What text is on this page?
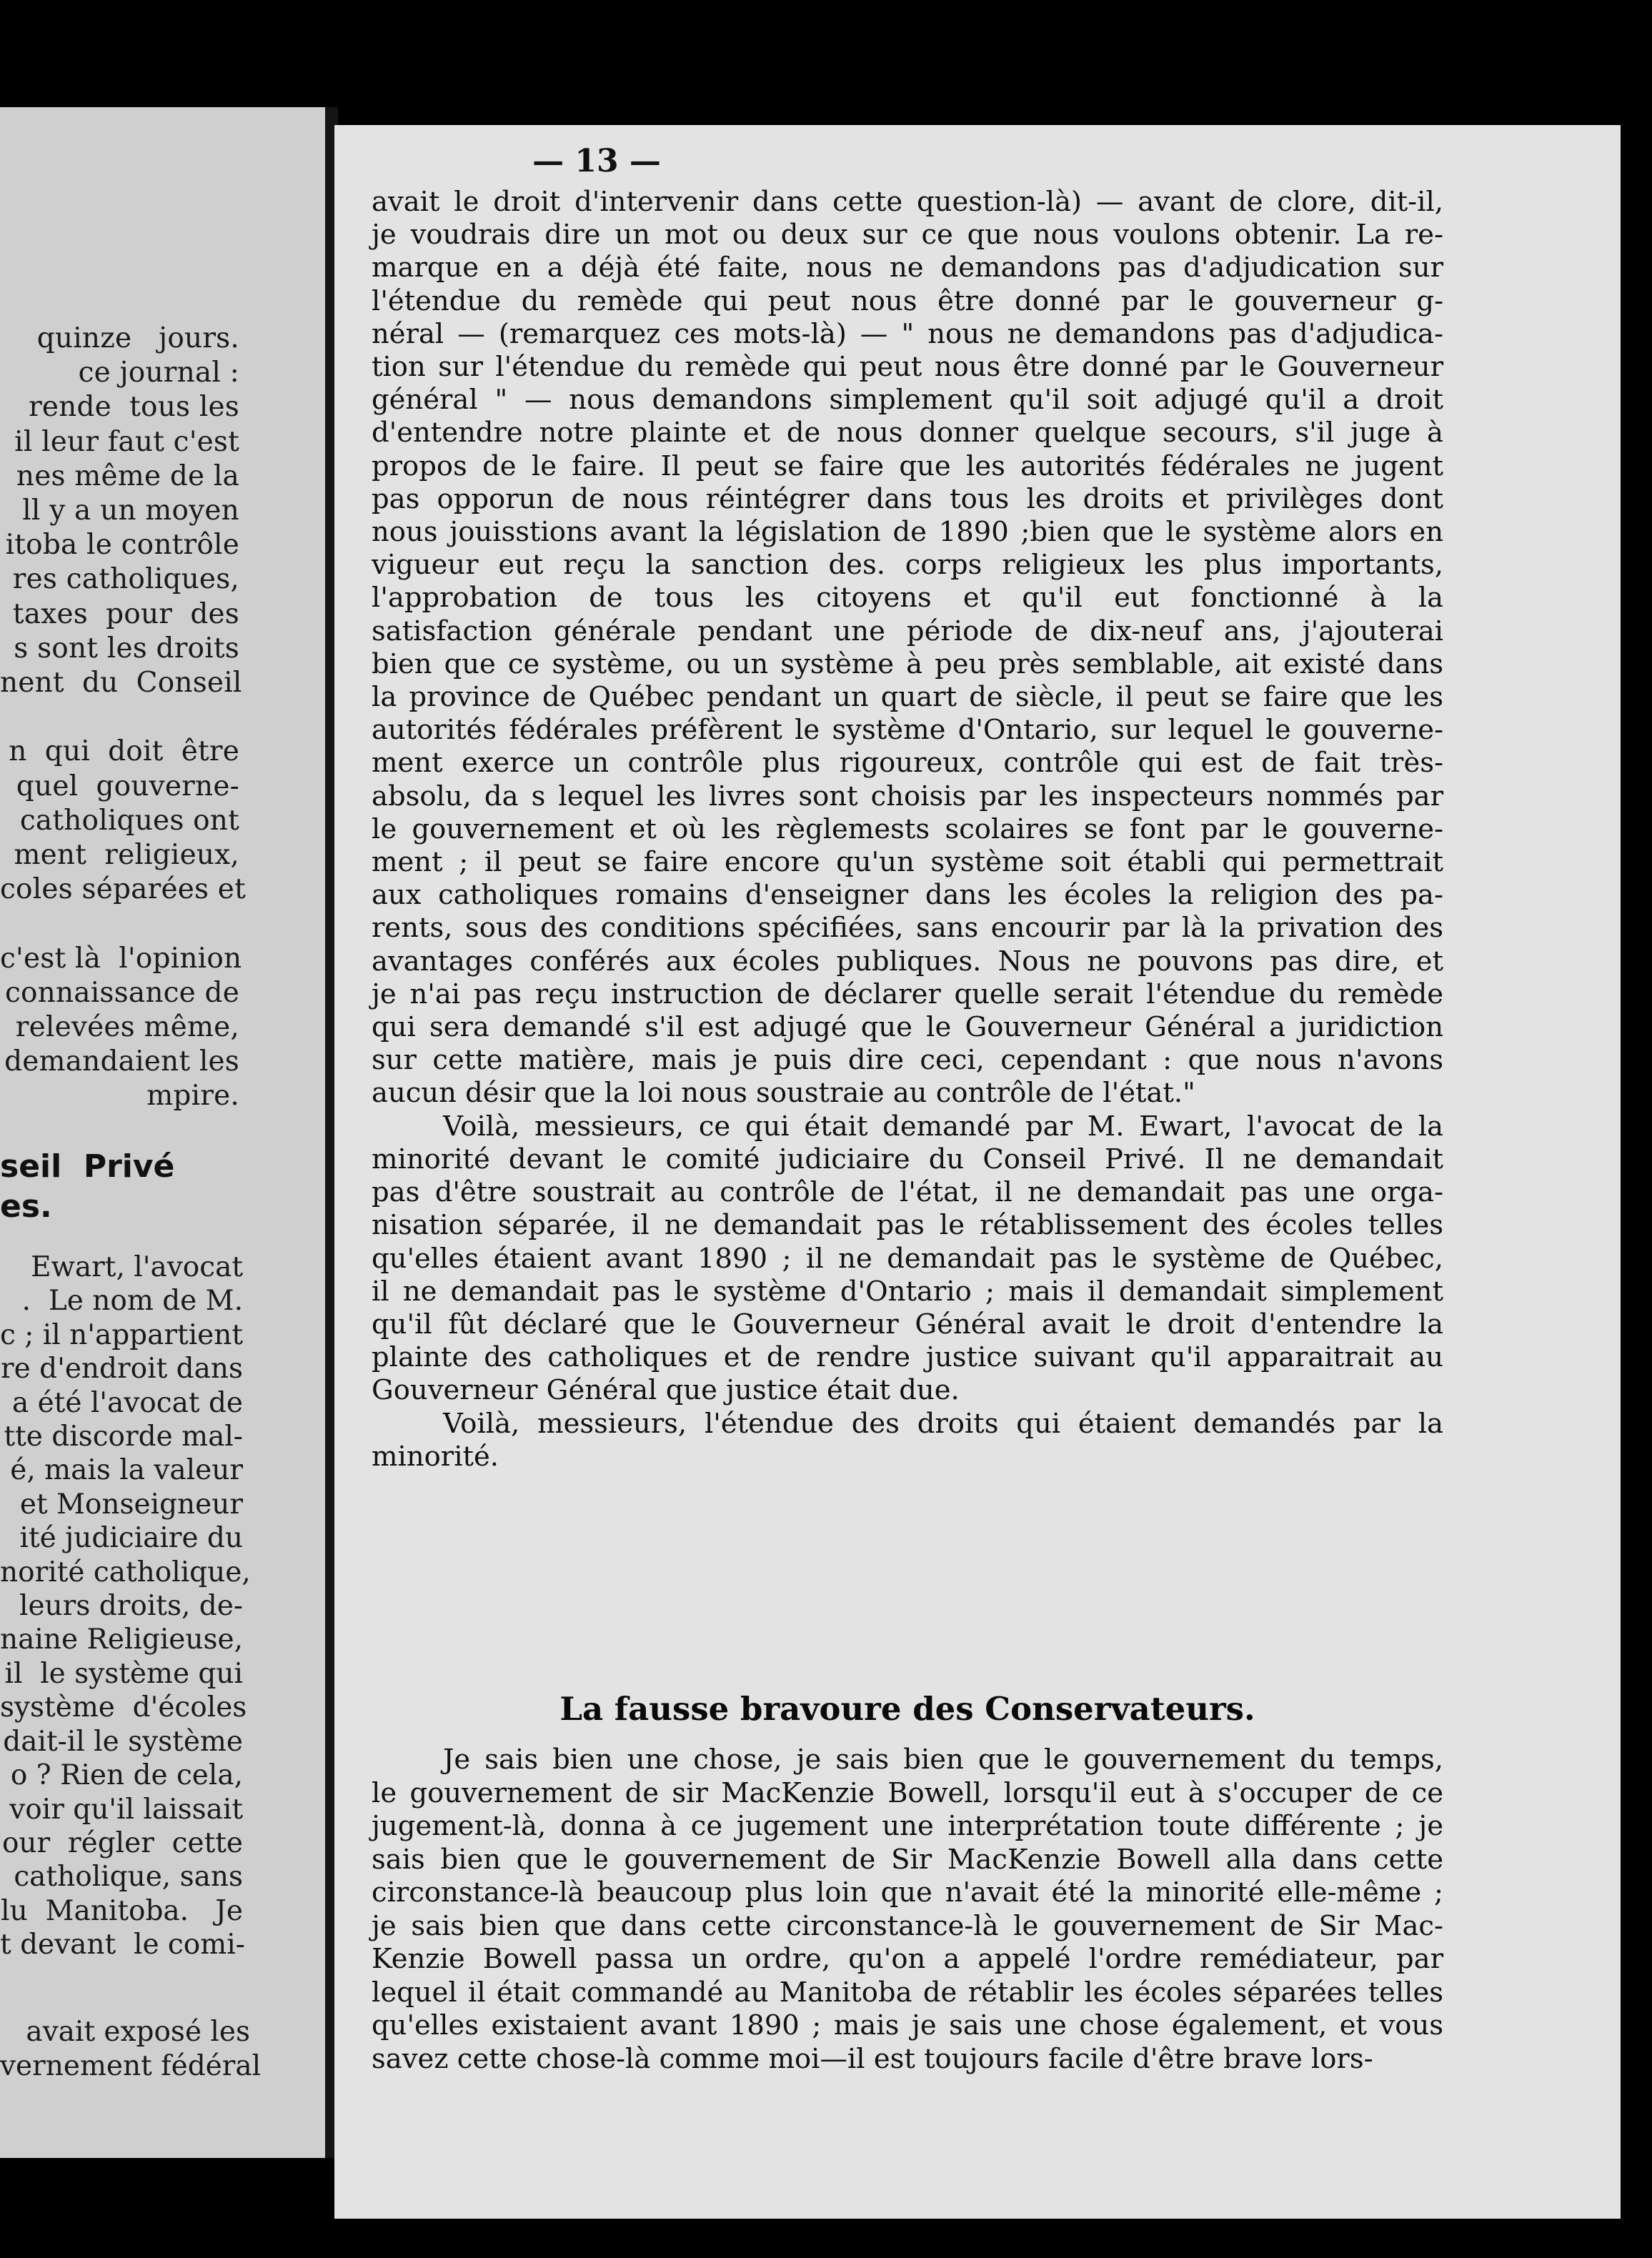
quinze   jours.
ce journal :
rende  tous les
il leur faut c'est
nes même de la
ll y a un moyen
itoba le contrôle
res catholiques,
taxes  pour  des
s sont les droits
nent  du  Conseil

n  qui  doit  être
quel  gouverne-
catholiques ont
ment  religieux,
coles séparées et

c'est là  l'opinion
connaissance de
relevées même,
demandaient les
mpire.
seil  Privé
es.
Ewart, l'avocat
.  Le nom de M.
c ; il n'appartient
re d'endroit dans
a été l'avocat de
tte discorde mal-
é, mais la valeur
et Monseigneur
ité judiciaire du
norité catholique,
leurs droits, de-
naine Religieuse,
il  le système qui
système  d'écoles
dait-il le système
o ? Rien de cela,
voir qu'il laissait
our  régler  cette
catholique, sans
lu  Manitoba.   Je
t devant  le comi-
avait exposé les
vernement fédéral
— 13 —

avait le droit d'intervenir dans cette question-là) — avant de clore, dit-il,
je voudrais dire un mot ou deux sur ce que nous voulons obtenir. La re-
marque en a déjà été faite, nous ne demandons pas d'adjudication sur
l'étendue du remède qui peut nous être donné par le gouverneur g-
néral — (remarquez ces mots-là) — " nous ne demandons pas d'adjudica-
tion sur l'étendue du remède qui peut nous être donné par le Gouverneur
général " — nous demandons simplement qu'il soit adjugé qu'il a droit
d'entendre notre plainte et de nous donner quelque secours, s'il juge à
propos de le faire. Il peut se faire que les autorités fédérales ne jugent
pas opporun de nous réintégrer dans tous les droits et privilèges dont
nous jouisstions avant la législation de 1890 ;bien que le système alors en
vigueur eut reçu la sanction des. corps religieux les plus importants,
l'approbation de tous les citoyens et qu'il eut fonctionné à la
satisfaction générale pendant une période de dix-neuf ans, j'ajouterai
bien que ce système, ou un système à peu près semblable, ait existé dans
la province de Québec pendant un quart de siècle, il peut se faire que les
autorités fédérales préfèrent le système d'Ontario, sur lequel le gouverne-
ment exerce un contrôle plus rigoureux, contrôle qui est de fait très-
absolu, da s lequel les livres sont choisis par les inspecteurs nommés par
le gouvernement et où les règlemests scolaires se font par le gouverne-
ment ; il peut se faire encore qu'un système soit établi qui permettrait
aux catholiques romains d'enseigner dans les écoles la religion des pa-
rents, sous des conditions spécifiées, sans encourir par là la privation des
avantages conférés aux écoles publiques. Nous ne pouvons pas dire, et
je n'ai pas reçu instruction de déclarer quelle serait l'étendue du remède
qui sera demandé s'il est adjugé que le Gouverneur Général a juridiction
sur cette matière, mais je puis dire ceci, cependant : que nous n'avons
aucun désir que la loi nous soustraie au contrôle de l'état."

Voilà, messieurs, ce qui était demandé par M. Ewart, l'avocat de la
minorité devant le comité judiciaire du Conseil Privé. Il ne demandait
pas d'être soustrait au contrôle de l'état, il ne demandait pas une orga-
nisation séparée, il ne demandait pas le rétablissement des écoles telles
qu'elles étaient avant 1890 ; il ne demandait pas le système de Québec,
il ne demandait pas le système d'Ontario ; mais il demandait simplement
qu'il fût déclaré que le Gouverneur Général avait le droit d'entendre la
plainte des catholiques et de rendre justice suivant qu'il apparaitrait au
Gouverneur Général que justice était due.

Voilà, messieurs, l'étendue des droits qui étaient demandés par la
minorité.

La fausse bravoure des Conservateurs.

Je sais bien une chose, je sais bien que le gouvernement du temps,
le gouvernement de sir MacKenzie Bowell, lorsqu'il eut à s'occuper de ce
jugement-là, donna à ce jugement une interprétation toute différente ; je
sais bien que le gouvernement de Sir MacKenzie Bowell alla dans cette
circonstance-là beaucoup plus loin que n'avait été la minorité elle-même ;
je sais bien que dans cette circonstance-là le gouvernement de Sir Mac-
Kenzie Bowell passa un ordre, qu'on a appelé l'ordre remédiateur, par
lequel il était commandé au Manitoba de rétablir les écoles séparées telles
qu'elles existaient avant 1890 ; mais je sais une chose également, et vous
savez cette chose-là comme moi—il est toujours facile d'être brave lors-
